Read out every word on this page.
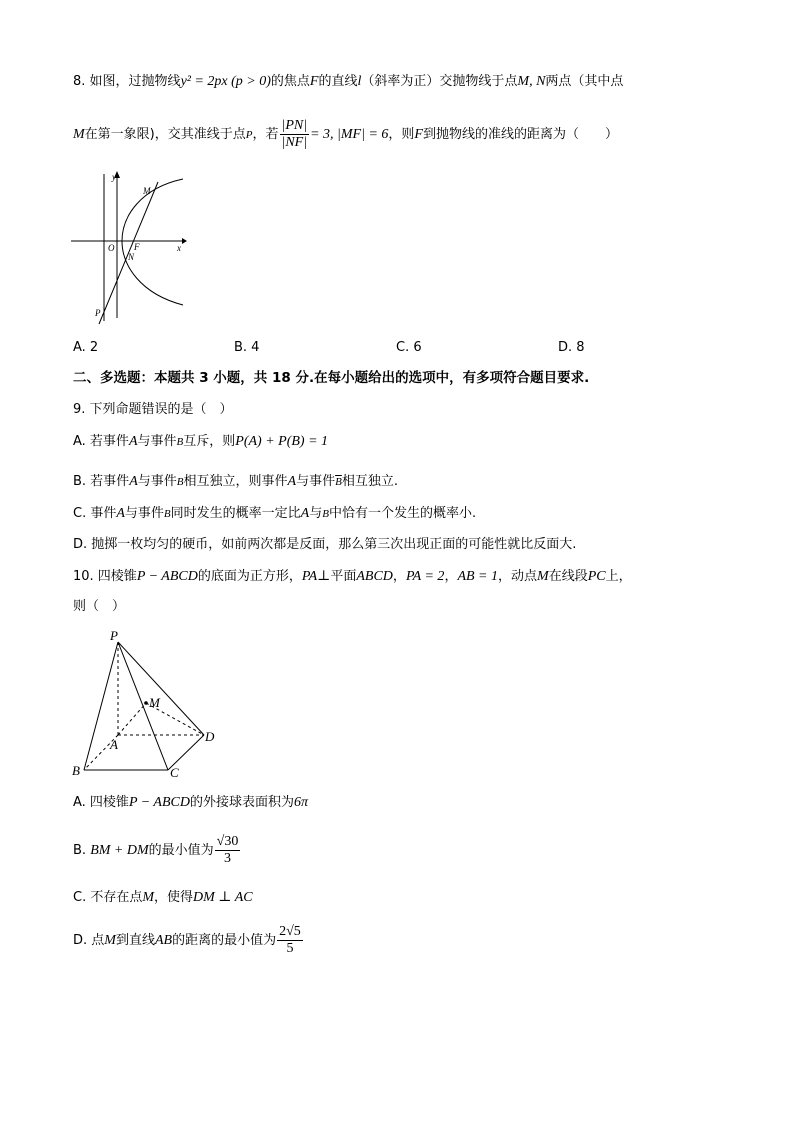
8. 如图，过抛物线y² = 2px (p > 0)的焦点F的直线l（斜率为正）交抛物线于点M, N两点（其中点
M在第一象限)，交其准线于点P，若 $\frac{|PN|}{|NF|} = 3$, |MF| = 6，则F到抛物线的准线的距离为（　　）
y
x
O F
M
N
P
A. 2	B. 4	C. 6	D. 8
二、多选题：本题共 3 小题，共 18 分.在每小题给出的选项中，有多项符合题目要求.
9. 下列命题错误的是（　）
A. 若事件A与事件B互斥，则P(A) + P(B) = 1
B. 若事件A与事件B相互独立，则事件A与事件$\overline{B}$相互独立.
C. 事件A与事件B同时发生的概率一定比A与B中恰有一个发生的概率小.
D. 抛掷一枚均匀的硬币，如前两次都是反面，那么第三次出现正面的可能性就比反面大.
10. 四棱锥P − ABCD的底面为正方形，PA⊥平面ABCD，PA = 2，AB = 1，动点M在线段PC上，
则（　）
P
M
A
D
B	C
A. 四棱锥P − ABCD的外接球表面积为6π
B. BM + DM的最小值为 $\frac{√30}{3}$
C. 不存在点M，使得DM ⊥ AC
D. 点M到直线AB的距离的最小值为 $\frac{2√5}{5}$
